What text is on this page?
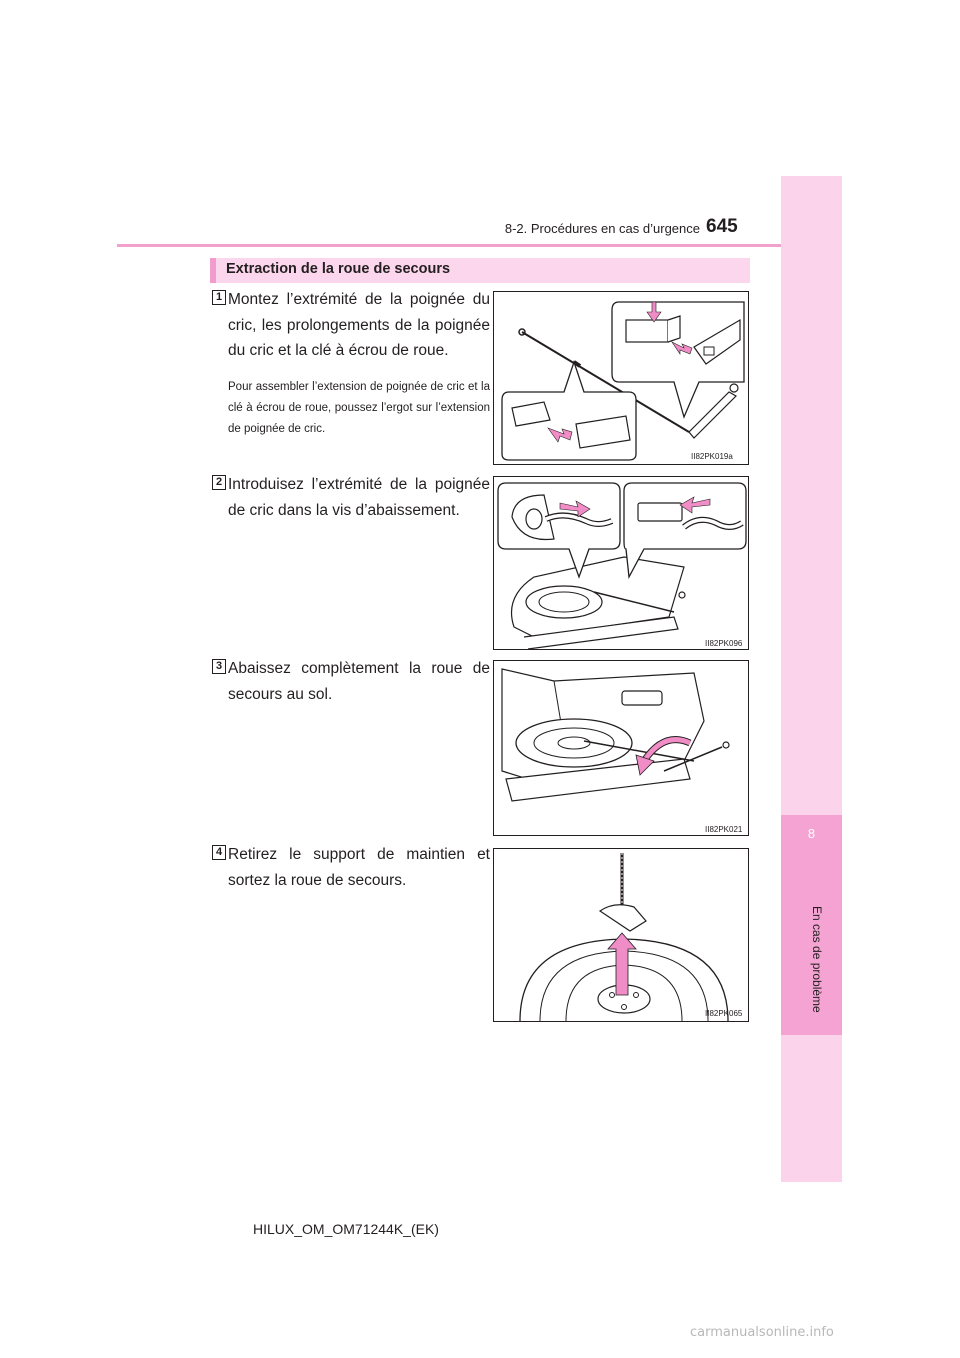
8-2. Procédures en cas d’urgence 645
8
En cas de problème
Extraction de la roue de secours
1 Montez l’extrémité de la poignée du cric, les prolongements de la poignée du cric et la clé à écrou de roue.
Pour assembler l’extension de poignée de cric et la clé à écrou de roue, poussez l’ergot sur l’extension de poignée de cric.
II82PK019a
2 Introduisez l’extrémité de la poignée de cric dans la vis d’abaissement.
II82PK096
3 Abaissez complètement la roue de secours au sol.
II82PK021
4 Retirez le support de maintien et sortez la roue de secours.
II82PK065
HILUX_OM_OM71244K_(EK)
carmanualsonline.info
